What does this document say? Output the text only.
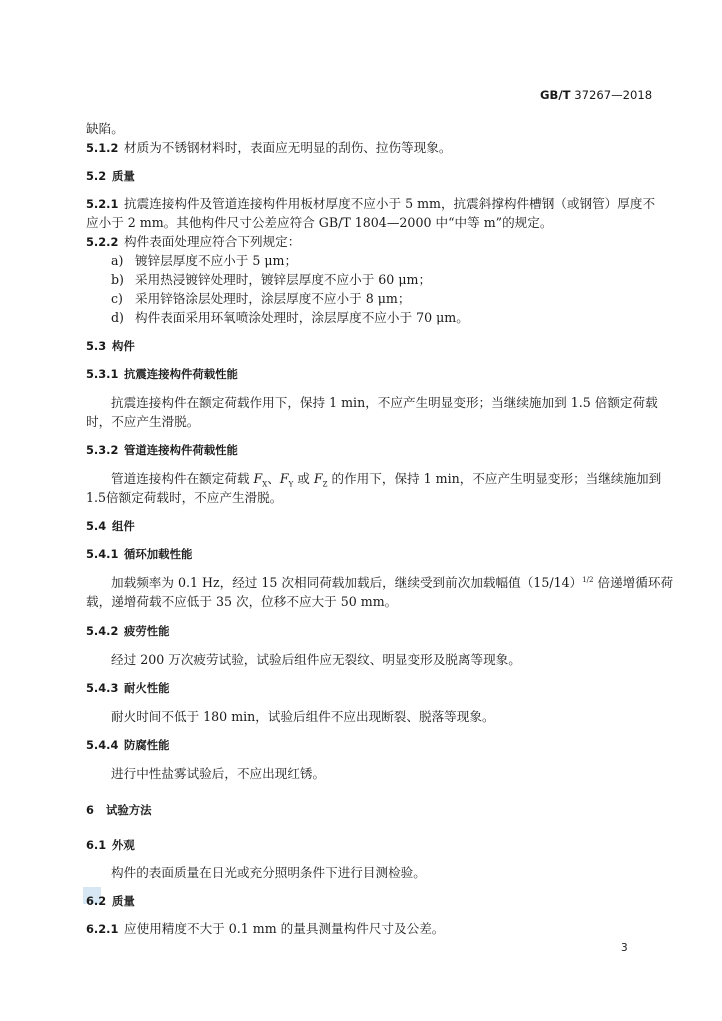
GB/T 37267—2018
缺陷。
5.1.2 材质为不锈钢材料时，表面应无明显的刮伤、拉伤等现象。
5.2 质量
5.2.1 抗震连接构件及管道连接构件用板材厚度不应小于 5 mm，抗震斜撑构件槽钢（或钢管）厚度不
应小于 2 mm。其他构件尺寸公差应符合 GB/T 1804—2000 中“中等 m”的规定。
5.2.2 构件表面处理应符合下列规定：
a) 镀锌层厚度不应小于 5 μm；
b) 采用热浸镀锌处理时，镀锌层厚度不应小于 60 μm；
c) 采用锌铬涂层处理时，涂层厚度不应小于 8 μm；
d) 构件表面采用环氧喷涂处理时，涂层厚度不应小于 70 μm。
5.3 构件
5.3.1 抗震连接构件荷载性能
抗震连接构件在额定荷载作用下，保持 1 min，不应产生明显变形；当继续施加到 1.5 倍额定荷载
时，不应产生滑脱。
5.3.2 管道连接构件荷载性能
管道连接构件在额定荷载 $F_X$、$F_Y$ 或 $F_Z$ 的作用下，保持 1 min，不应产生明显变形；当继续施加到
1.5倍额定荷载时，不应产生滑脱。
5.4 组件
5.4.1 循环加载性能
加载频率为 0.1 Hz，经过 15 次相同荷载加载后，继续受到前次加载幅值$(15/14)^{1/2}$ 倍递增循环荷
载，递增荷载不应低于 35 次，位移不应大于 50 mm。
5.4.2 疲劳性能
经过 200 万次疲劳试验，试验后组件应无裂纹、明显变形及脱离等现象。
5.4.3 耐火性能
耐火时间不低于 180 min，试验后组件不应出现断裂、脱落等现象。
5.4.4 防腐性能
进行中性盐雾试验后，不应出现红锈。
6 试验方法
6.1 外观
构件的表面质量在日光或充分照明条件下进行目测检验。
6.2 质量
6.2.1 应使用精度不大于 0.1 mm 的量具测量构件尺寸及公差。
3
